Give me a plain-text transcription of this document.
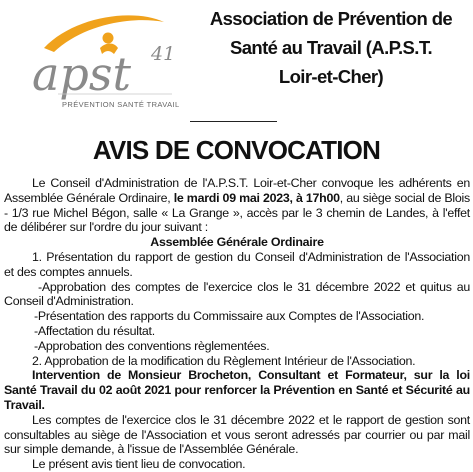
apst 41
PRÉVENTION SANTÉ TRAVAIL
Association de Prévention de
Santé au Travail (A.P.S.T.
Loir-et-Cher)
AVIS DE CONVOCATION

Le Conseil d'Administration de l'A.P.S.T. Loir-et-Cher convoque les adhérents en Assemblée Générale Ordinaire, le mardi 09 mai 2023, à 17h00, au siège social de Blois - 1/3 rue Michel Bégon, salle « La Grange », accès par le 3 chemin de Landes, à l'effet de délibérer sur l'ordre du jour suivant :

Assemblée Générale Ordinaire

1. Présentation du rapport de gestion du Conseil d'Administration de l'Association et des comptes annuels.

-Approbation des comptes de l'exercice clos le 31 décembre 2022 et quitus au Conseil d'Administration.

-Présentation des rapports du Commissaire aux Comptes de l'Association.

-Affectation du résultat.

-Approbation des conventions règlementées.

2. Approbation de la modification du Règlement Intérieur de l'Association.

Intervention de Monsieur Brocheton, Consultant et Formateur, sur la loi Santé Travail du 02 août 2021 pour renforcer la Prévention en Santé et Sécurité au Travail.

Les comptes de l'exercice clos le 31 décembre 2022 et le rapport de gestion sont consultables au siège de l'Association et vous seront adressés par courrier ou par mail sur simple demande, à l'issue de l'Assemblée Générale.

Le présent avis tient lieu de convocation.
